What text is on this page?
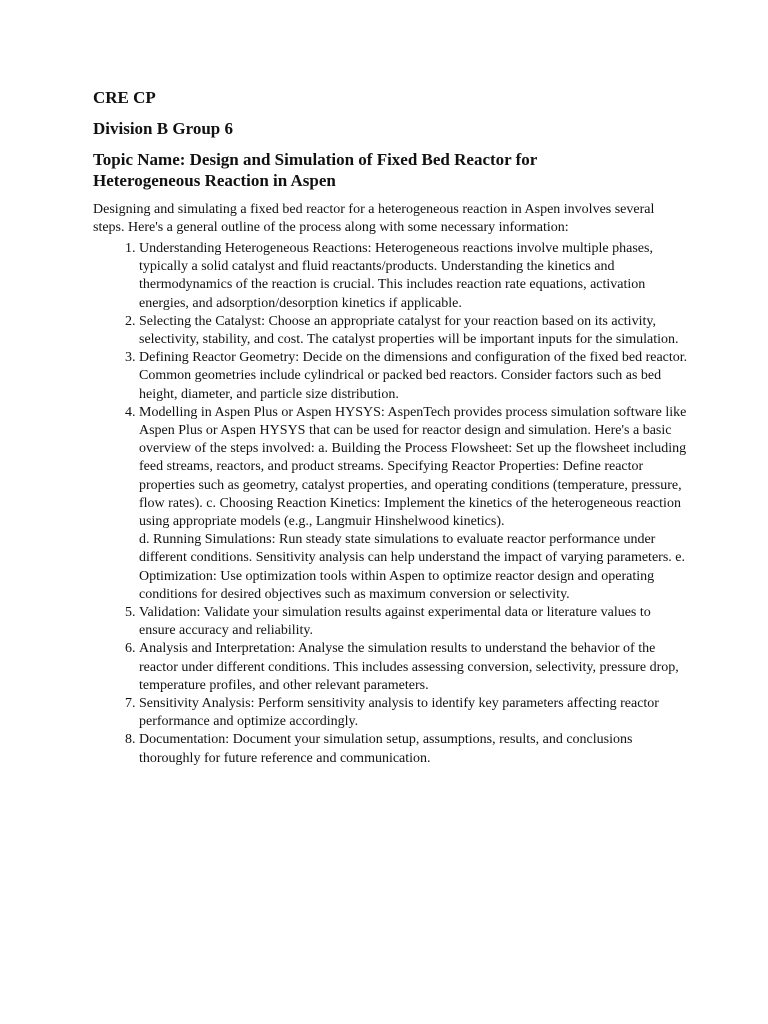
CRE CP
Division B Group 6
Topic Name: Design and Simulation of Fixed Bed Reactor for
Heterogeneous Reaction in Aspen

Designing and simulating a fixed bed reactor for a heterogeneous reaction in Aspen involves several steps. Here's a general outline of the process along with some necessary information:

1. Understanding Heterogeneous Reactions: Heterogeneous reactions involve multiple phases, typically a solid catalyst and fluid reactants/products. Understanding the kinetics and thermodynamics of the reaction is crucial. This includes reaction rate equations, activation energies, and adsorption/desorption kinetics if applicable.
2. Selecting the Catalyst: Choose an appropriate catalyst for your reaction based on its activity, selectivity, stability, and cost. The catalyst properties will be important inputs for the simulation.
3. Defining Reactor Geometry: Decide on the dimensions and configuration of the fixed bed reactor. Common geometries include cylindrical or packed bed reactors. Consider factors such as bed height, diameter, and particle size distribution.
4. Modelling in Aspen Plus or Aspen HYSYS: AspenTech provides process simulation software like Aspen Plus or Aspen HYSYS that can be used for reactor design and simulation. Here's a basic overview of the steps involved: a. Building the Process Flowsheet: Set up the flowsheet including feed streams, reactors, and product streams. Specifying Reactor Properties: Define reactor properties such as geometry, catalyst properties, and operating conditions (temperature, pressure, flow rates). c. Choosing Reaction Kinetics: Implement the kinetics of the heterogeneous reaction using appropriate models (e.g., Langmuir Hinshelwood kinetics).
d. Running Simulations: Run steady state simulations to evaluate reactor performance under different conditions. Sensitivity analysis can help understand the impact of varying parameters. e. Optimization: Use optimization tools within Aspen to optimize reactor design and operating conditions for desired objectives such as maximum conversion or selectivity.
5. Validation: Validate your simulation results against experimental data or literature values to ensure accuracy and reliability.
6. Analysis and Interpretation: Analyse the simulation results to understand the behavior of the reactor under different conditions. This includes assessing conversion, selectivity, pressure drop, temperature profiles, and other relevant parameters.
7. Sensitivity Analysis: Perform sensitivity analysis to identify key parameters affecting reactor performance and optimize accordingly.
8. Documentation: Document your simulation setup, assumptions, results, and conclusions thoroughly for future reference and communication.
